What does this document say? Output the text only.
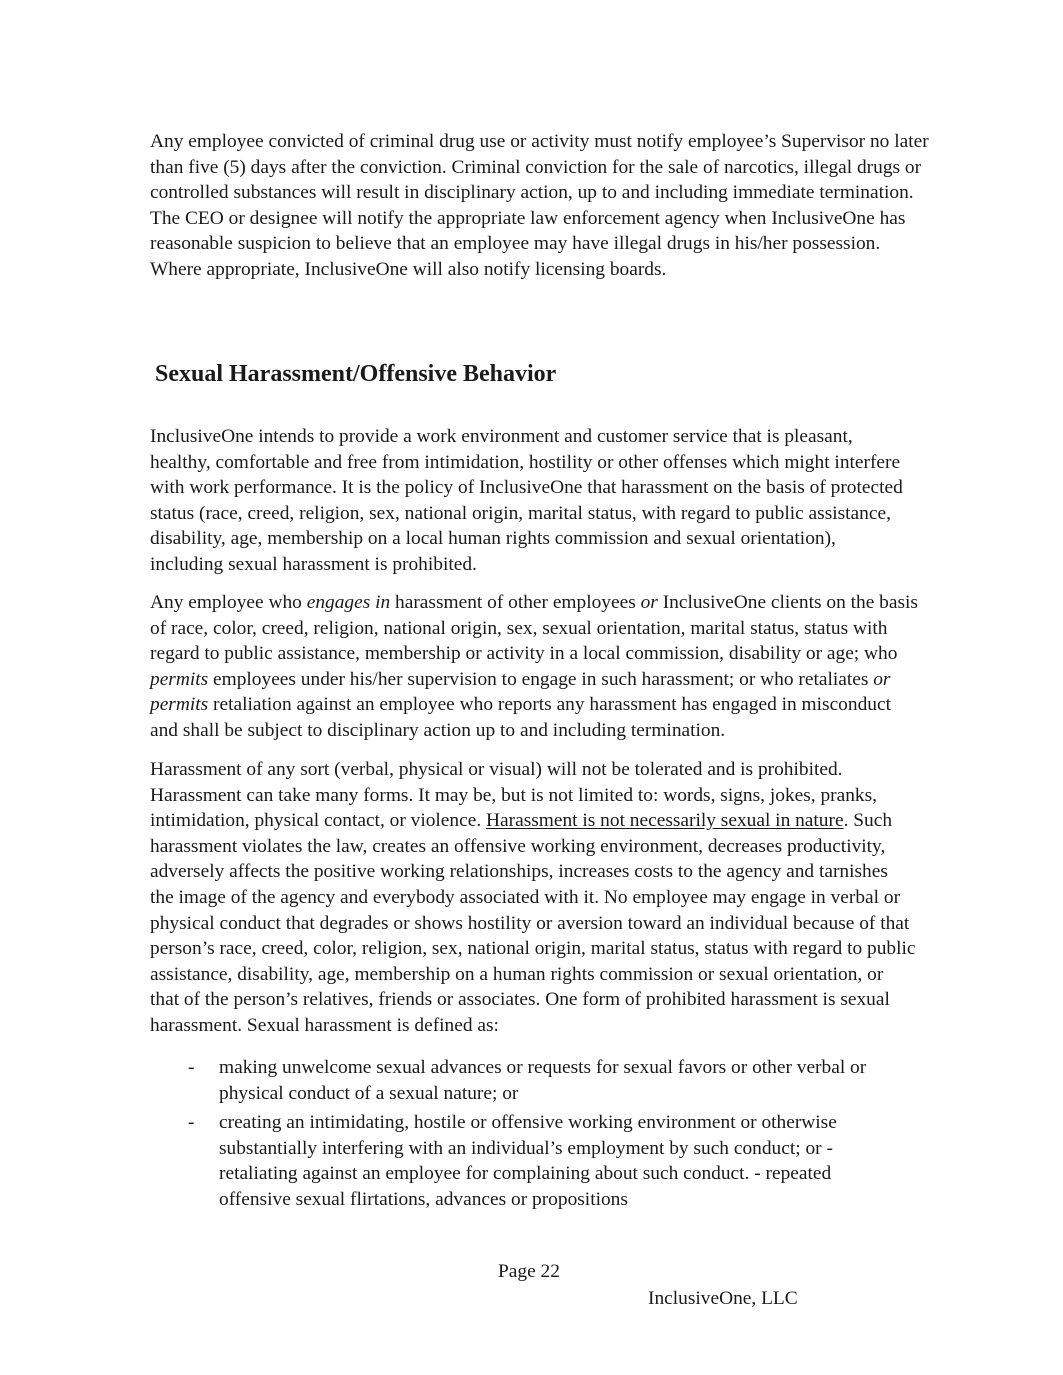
Any employee convicted of criminal drug use or activity must notify employee’s Supervisor no later
than five (5) days after the conviction. Criminal conviction for the sale of narcotics, illegal drugs or
controlled substances will result in disciplinary action, up to and including immediate termination.
The CEO or designee will notify the appropriate law enforcement agency when InclusiveOne has
reasonable suspicion to believe that an employee may have illegal drugs in his/her possession.
Where appropriate, InclusiveOne will also notify licensing boards.
Sexual Harassment/Offensive Behavior
InclusiveOne intends to provide a work environment and customer service that is pleasant,
healthy, comfortable and free from intimidation, hostility or other offenses which might interfere
with work performance. It is the policy of InclusiveOne that harassment on the basis of protected
status (race, creed, religion, sex, national origin, marital status, with regard to public assistance,
disability, age, membership on a local human rights commission and sexual orientation),
including sexual harassment is prohibited.
Any employee who engages in harassment of other employees or InclusiveOne clients on the basis
of race, color, creed, religion, national origin, sex, sexual orientation, marital status, status with
regard to public assistance, membership or activity in a local commission, disability or age; who
permits employees under his/her supervision to engage in such harassment; or who retaliates or
permits retaliation against an employee who reports any harassment has engaged in misconduct
and shall be subject to disciplinary action up to and including termination.
Harassment of any sort (verbal, physical or visual) will not be tolerated and is prohibited.
Harassment can take many forms. It may be, but is not limited to: words, signs, jokes, pranks,
intimidation, physical contact, or violence. Harassment is not necessarily sexual in nature. Such
harassment violates the law, creates an offensive working environment, decreases productivity,
adversely affects the positive working relationships, increases costs to the agency and tarnishes
the image of the agency and everybody associated with it. No employee may engage in verbal or
physical conduct that degrades or shows hostility or aversion toward an individual because of that
person’s race, creed, color, religion, sex, national origin, marital status, status with regard to public
assistance, disability, age, membership on a human rights commission or sexual orientation, or
that of the person’s relatives, friends or associates. One form of prohibited harassment is sexual
harassment. Sexual harassment is defined as:
- making unwelcome sexual advances or requests for sexual favors or other verbal or
physical conduct of a sexual nature; or
- creating an intimidating, hostile or offensive working environment or otherwise
substantially interfering with an individual’s employment by such conduct; or -
retaliating against an employee for complaining about such conduct. - repeated
offensive sexual flirtations, advances or propositions
Page 22
InclusiveOne, LLC
